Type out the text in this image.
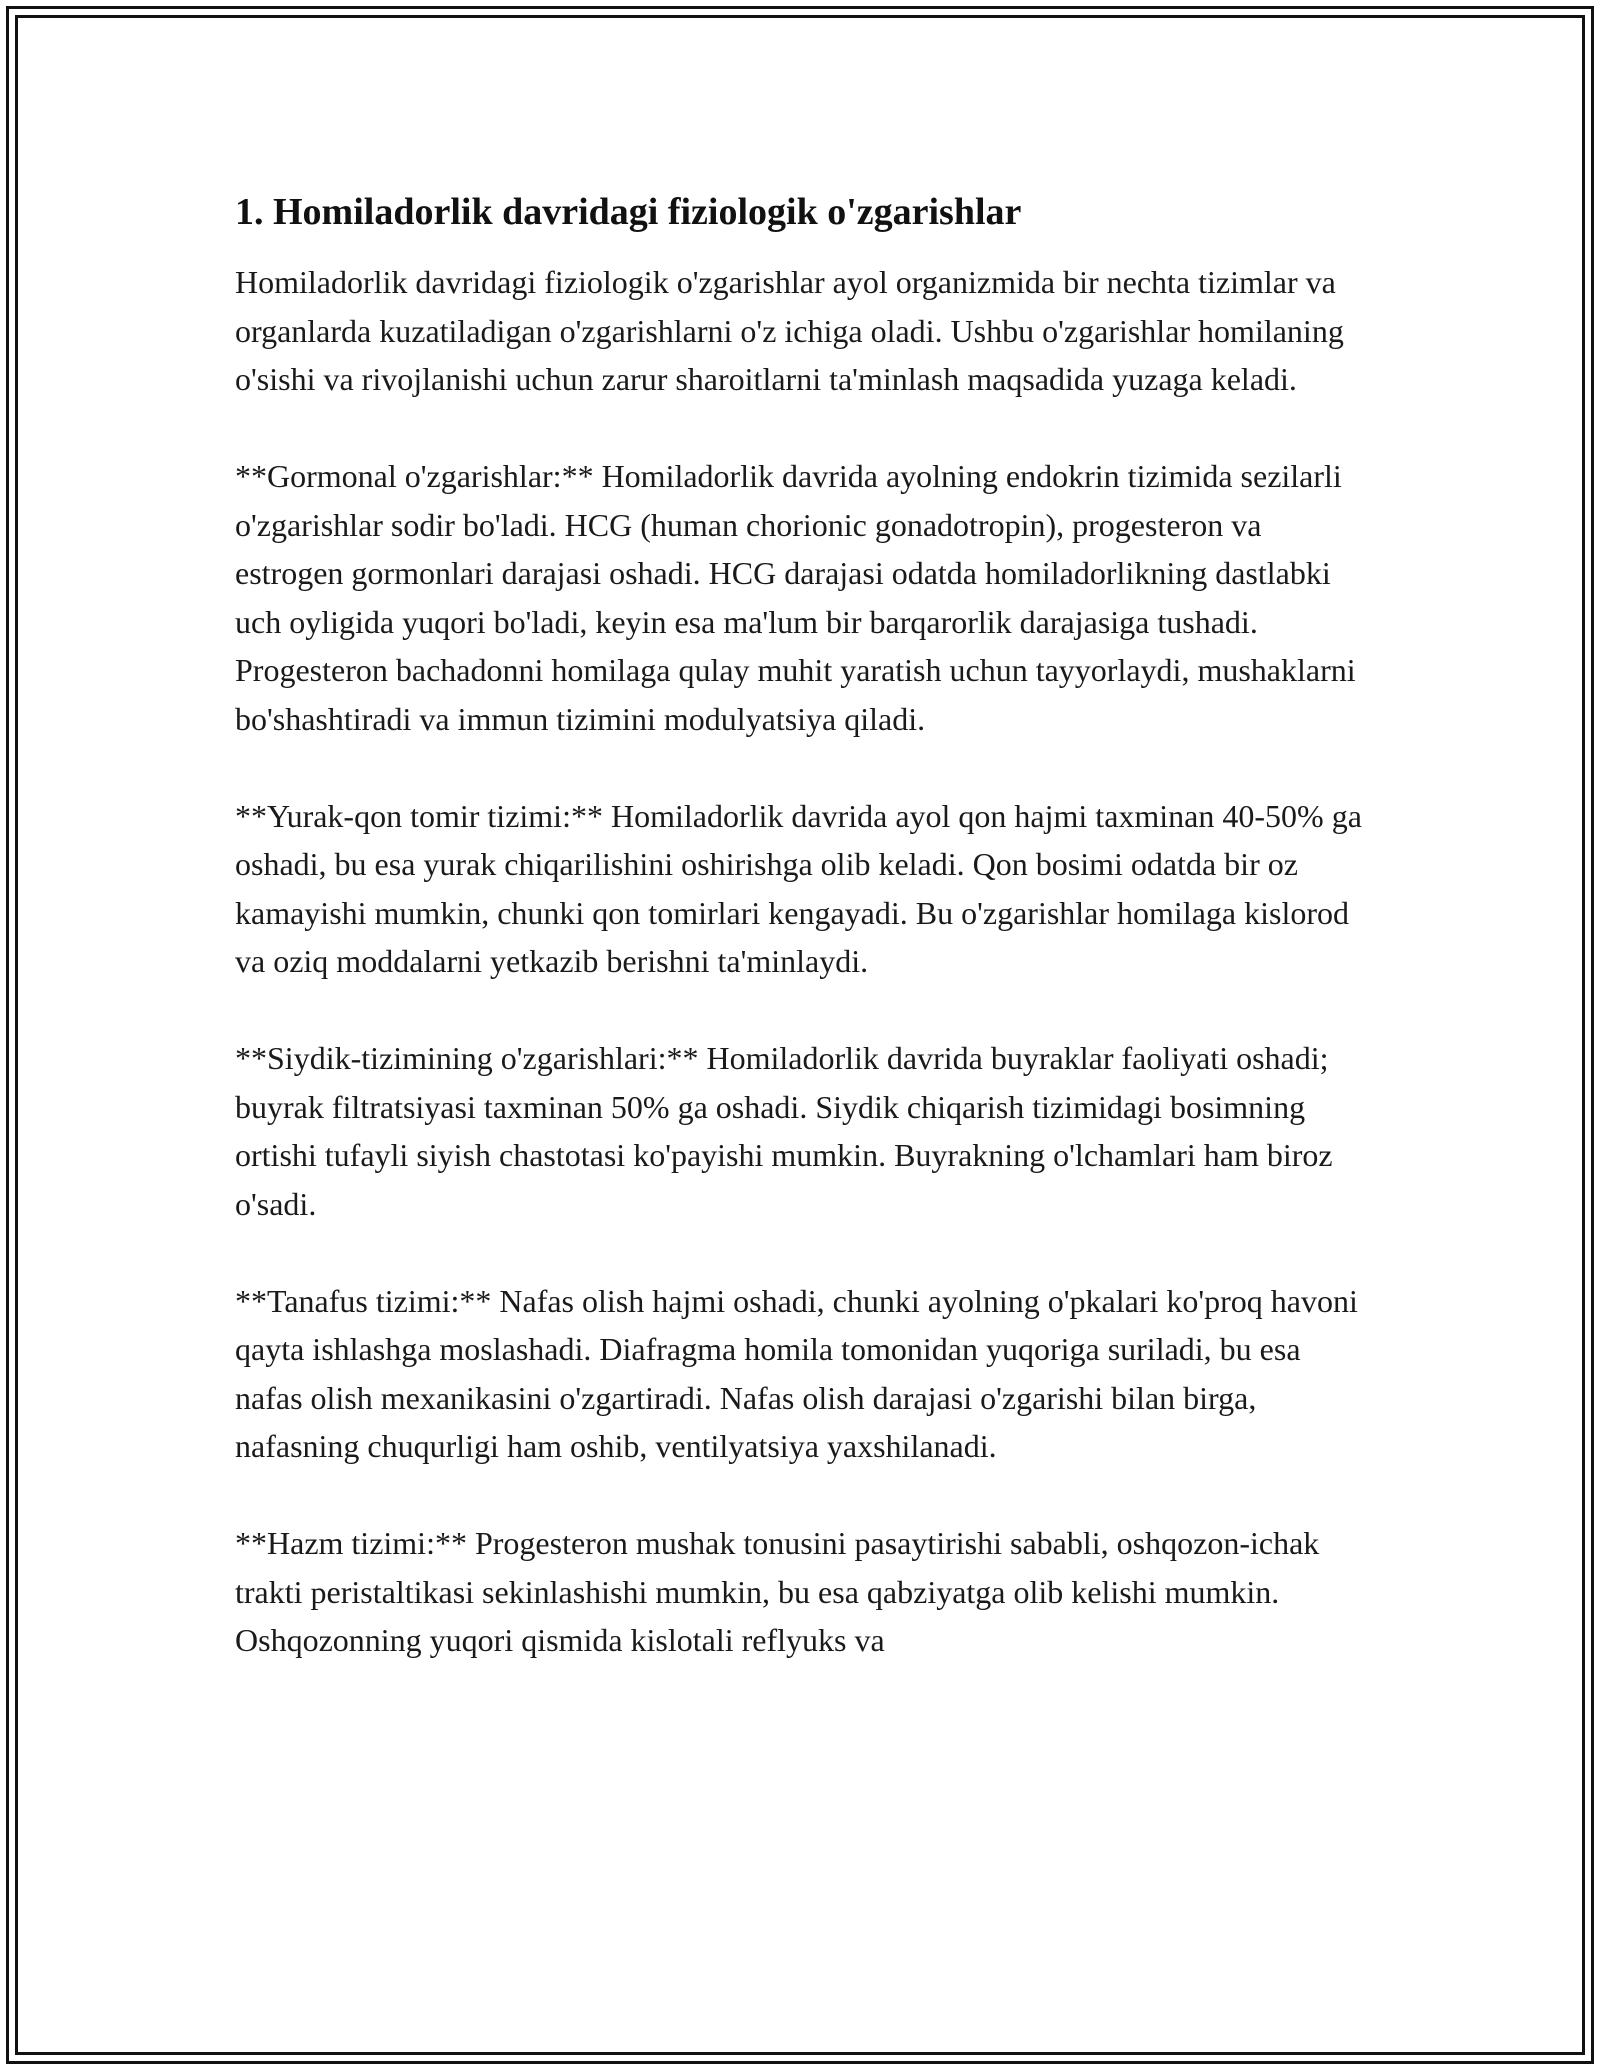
1. Homiladorlik davridagi fiziologik o'zgarishlar

Homiladorlik davridagi fiziologik o'zgarishlar ayol organizmida bir nechta tizimlar va organlarda kuzatiladigan o'zgarishlarni o'z ichiga oladi. Ushbu o'zgarishlar homilaning o'sishi va rivojlanishi uchun zarur sharoitlarni ta'minlash maqsadida yuzaga keladi.

**Gormonal o'zgarishlar:** Homiladorlik davrida ayolning endokrin tizimida sezilarli o'zgarishlar sodir bo'ladi. HCG (human chorionic gonadotropin), progesteron va estrogen gormonlari darajasi oshadi. HCG darajasi odatda homiladorlikning dastlabki uch oyligida yuqori bo'ladi, keyin esa ma'lum bir barqarorlik darajasiga tushadi. Progesteron bachadonni homilaga qulay muhit yaratish uchun tayyorlaydi, mushaklarni bo'shashtiradi va immun tizimini modulyatsiya qiladi.

**Yurak-qon tomir tizimi:** Homiladorlik davrida ayol qon hajmi taxminan 40-50% ga oshadi, bu esa yurak chiqarilishini oshirishga olib keladi. Qon bosimi odatda bir oz kamayishi mumkin, chunki qon tomirlari kengayadi. Bu o'zgarishlar homilaga kislorod va oziq moddalarni yetkazib berishni ta'minlaydi.

**Siydik-tizimining o'zgarishlari:** Homiladorlik davrida buyraklar faoliyati oshadi; buyrak filtratsiyasi taxminan 50% ga oshadi. Siydik chiqarish tizimidagi bosimning ortishi tufayli siyish chastotasi ko'payishi mumkin. Buyrakning o'lchamlari ham biroz o'sadi.

**Tanafus tizimi:** Nafas olish hajmi oshadi, chunki ayolning o'pkalari ko'proq havoni qayta ishlashga moslashadi. Diafragma homila tomonidan yuqoriga suriladi, bu esa nafas olish mexanikasini o'zgartiradi. Nafas olish darajasi o'zgarishi bilan birga, nafasning chuqurligi ham oshib, ventilyatsiya yaxshilanadi.

**Hazm tizimi:** Progesteron mushak tonusini pasaytirishi sababli, oshqozon-ichak trakti peristaltikasi sekinlashishi mumkin, bu esa qabziyatga olib kelishi mumkin. Oshqozonning yuqori qismida kislotali reflyuks va
